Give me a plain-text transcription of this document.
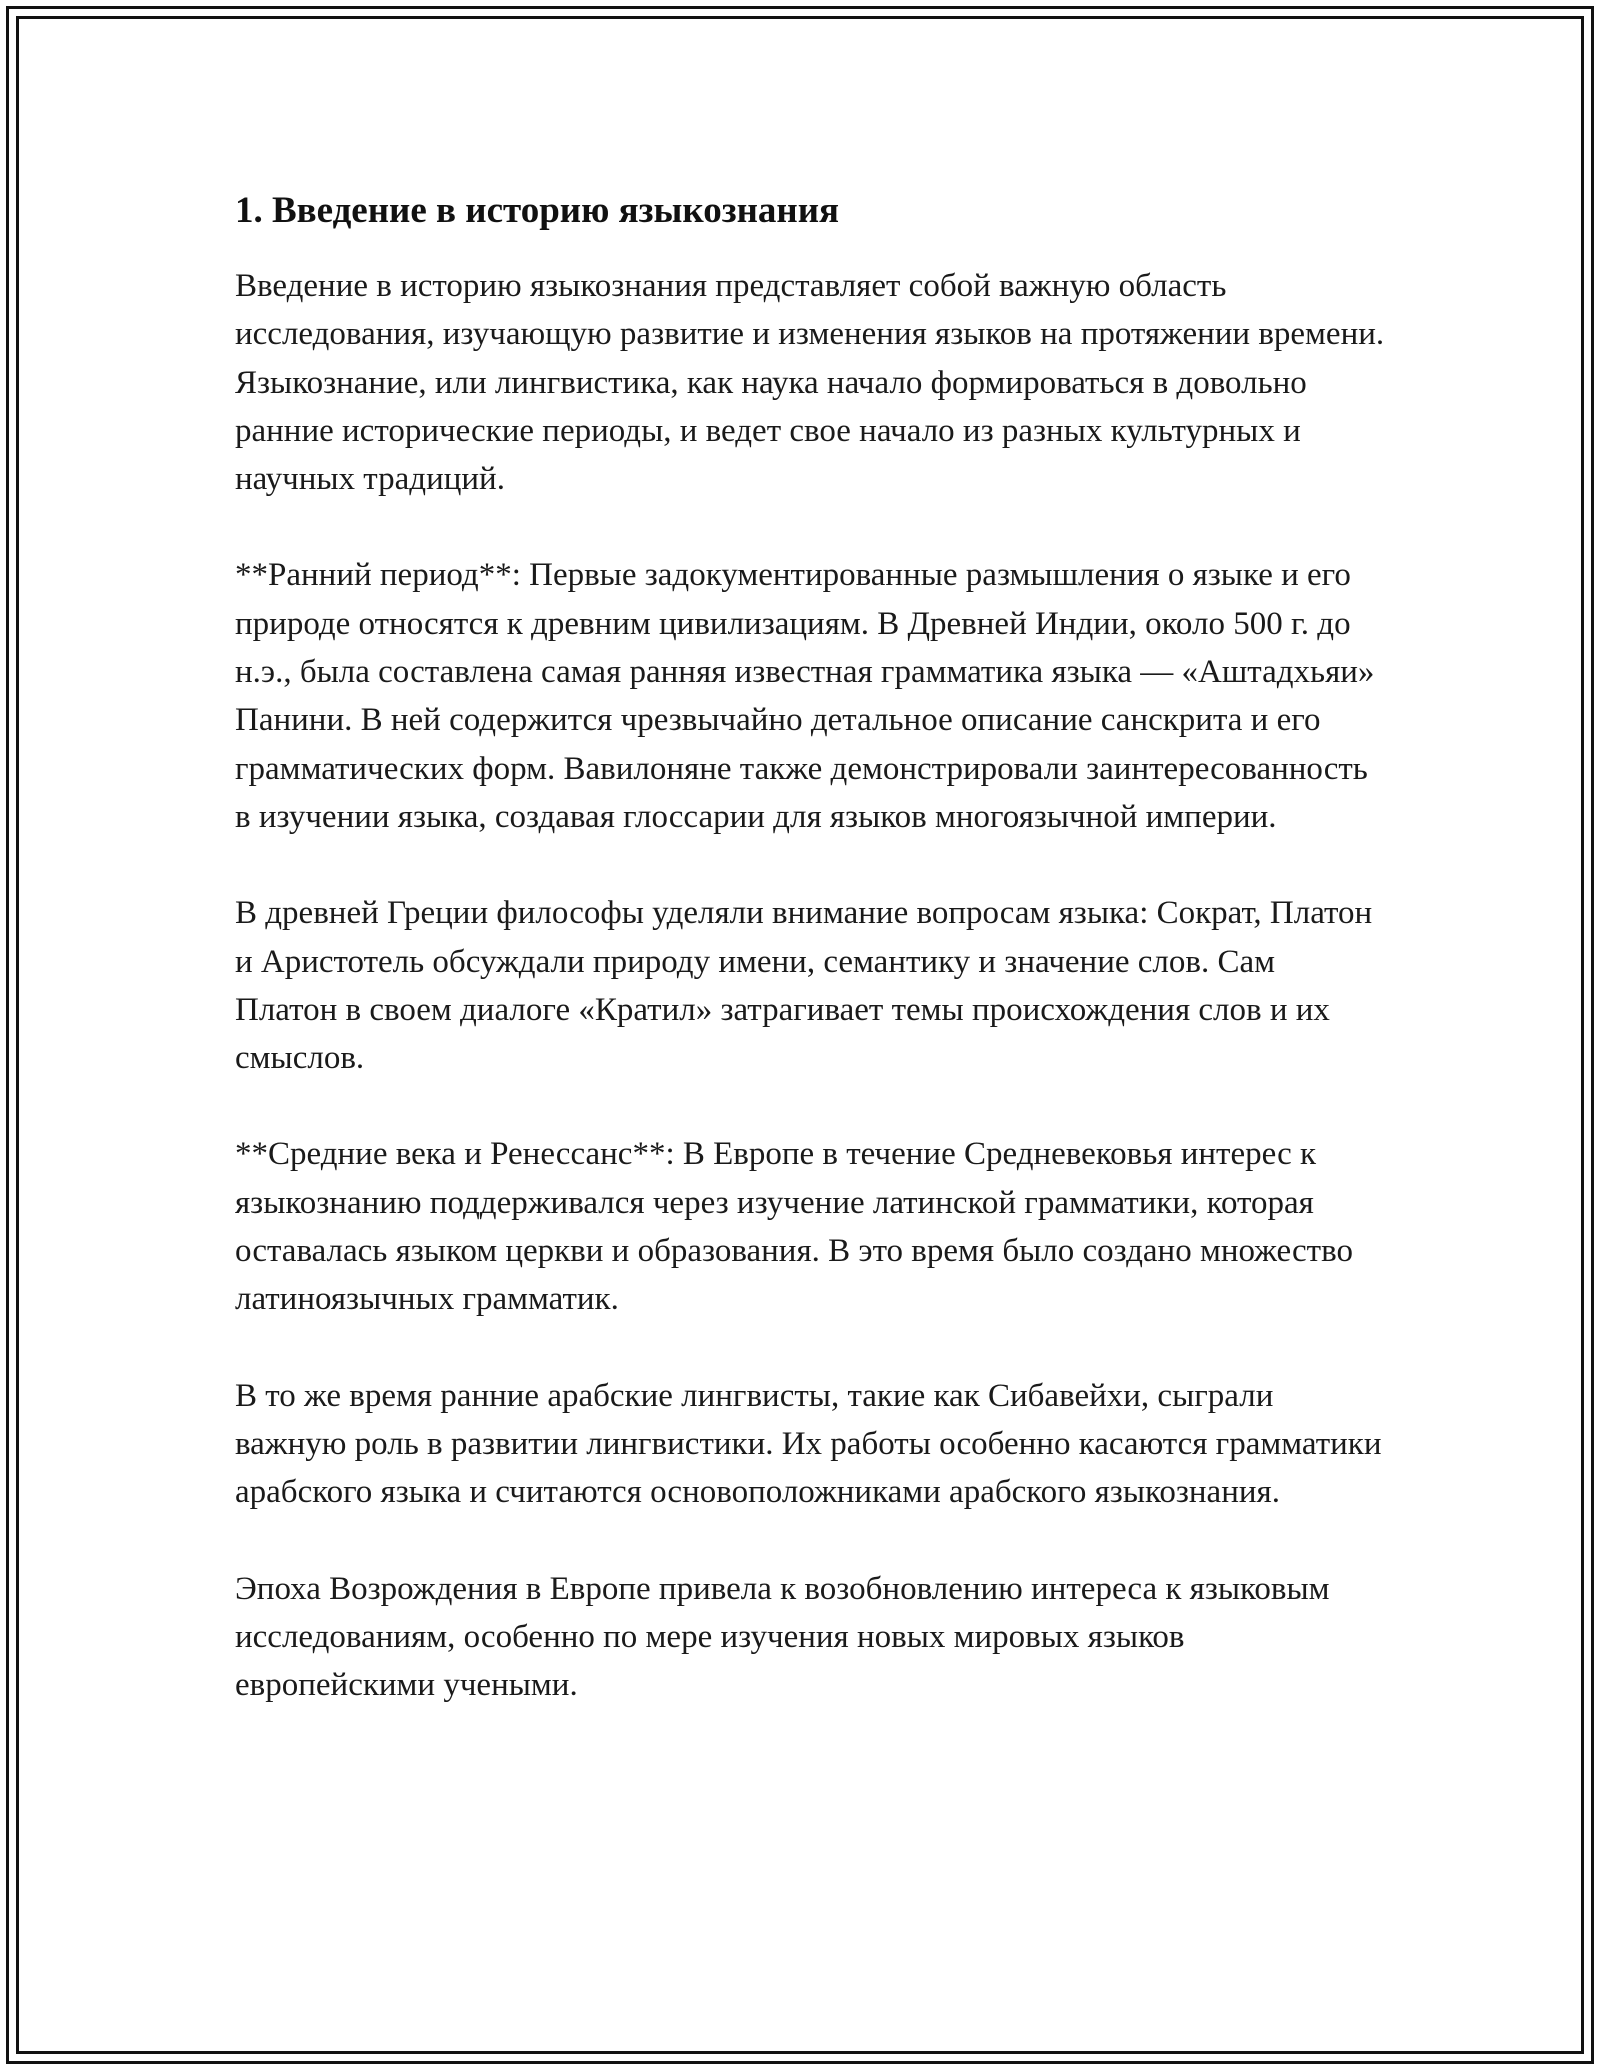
1. Введение в историю языкознания

Введение в историю языкознания представляет собой важную область исследования, изучающую развитие и изменения языков на протяжении времени. Языкознание, или лингвистика, как наука начало формироваться в довольно ранние исторические периоды, и ведет свое начало из разных культурных и научных традиций.

**Ранний период**: Первые задокументированные размышления о языке и его природе относятся к древним цивилизациям. В Древней Индии, около 500 г. до н.э., была составлена самая ранняя известная грамматика языка — «Аштадхьяи» Панини. В ней содержится чрезвычайно детальное описание санскрита и его грамматических форм. Вавилоняне также демонстрировали заинтересованность в изучении языка, создавая глоссарии для языков многоязычной империи.

В древней Греции философы уделяли внимание вопросам языка: Сократ, Платон и Аристотель обсуждали природу имени, семантику и значение слов. Сам Платон в своем диалоге «Кратил» затрагивает темы происхождения слов и их смыслов.

**Средние века и Ренессанс**: В Европе в течение Средневековья интерес к языкознанию поддерживался через изучение латинской грамматики, которая оставалась языком церкви и образования. В это время было создано множество латиноязычных грамматик.

В то же время ранние арабские лингвисты, такие как Сибавейхи, сыграли важную роль в развитии лингвистики. Их работы особенно касаются грамматики арабского языка и считаются основоположниками арабского языкознания.

Эпоха Возрождения в Европе привела к возобновлению интереса к языковым исследованиям, особенно по мере изучения новых мировых языков европейскими учеными.
